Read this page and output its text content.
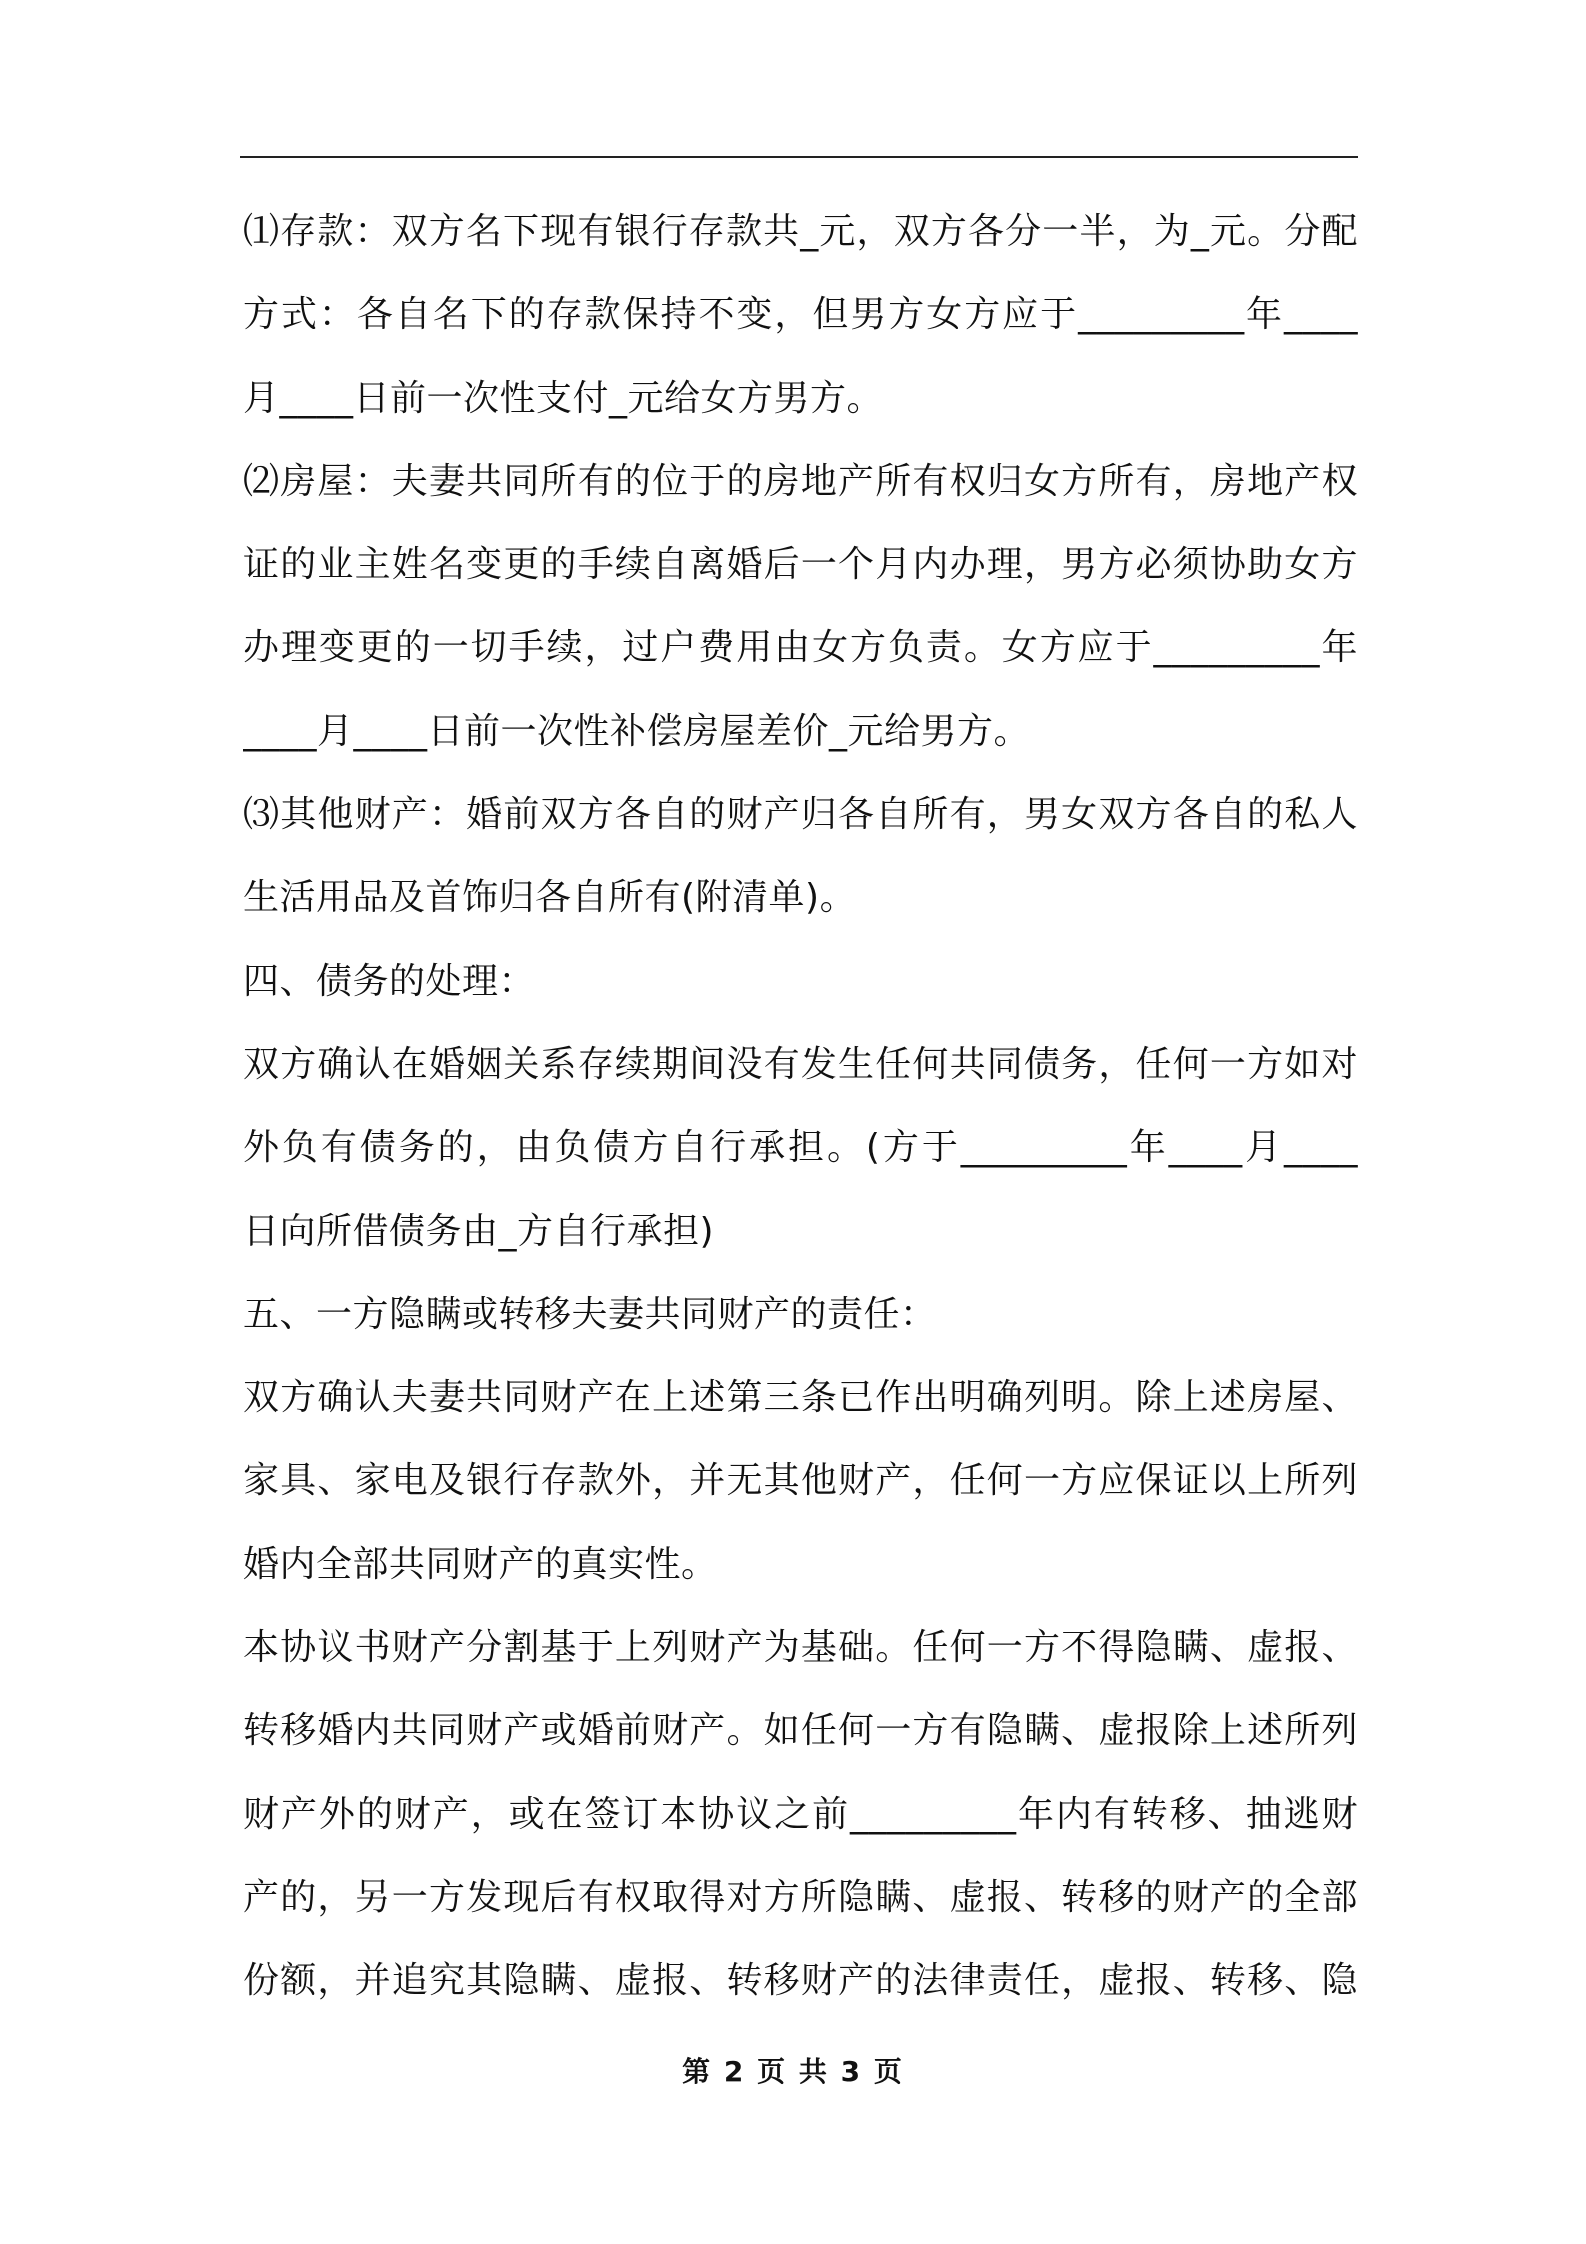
⑴存款：双方名下现有银行存款共_元，双方各分一半，为_元。分配
方式：各自名下的存款保持不变，但男方女方应于_________年____
月____日前一次性支付_元给女方男方。
⑵房屋：夫妻共同所有的位于的房地产所有权归女方所有，房地产权
证的业主姓名变更的手续自离婚后一个月内办理，男方必须协助女方
办理变更的一切手续，过户费用由女方负责。女方应于_________年
____月____日前一次性补偿房屋差价_元给男方。
⑶其他财产：婚前双方各自的财产归各自所有，男女双方各自的私人
生活用品及首饰归各自所有(附清单)。
四、债务的处理：
双方确认在婚姻关系存续期间没有发生任何共同债务，任何一方如对
外负有债务的，由负债方自行承担。(方于_________年____月____
日向所借债务由_方自行承担)
五、一方隐瞒或转移夫妻共同财产的责任：
双方确认夫妻共同财产在上述第三条已作出明确列明。除上述房屋、
家具、家电及银行存款外，并无其他财产，任何一方应保证以上所列
婚内全部共同财产的真实性。
本协议书财产分割基于上列财产为基础。任何一方不得隐瞒、虚报、
转移婚内共同财产或婚前财产。如任何一方有隐瞒、虚报除上述所列
财产外的财产，或在签订本协议之前_________年内有转移、抽逃财
产的，另一方发现后有权取得对方所隐瞒、虚报、转移的财产的全部
份额，并追究其隐瞒、虚报、转移财产的法律责任，虚报、转移、隐
第 2 页 共 3 页
